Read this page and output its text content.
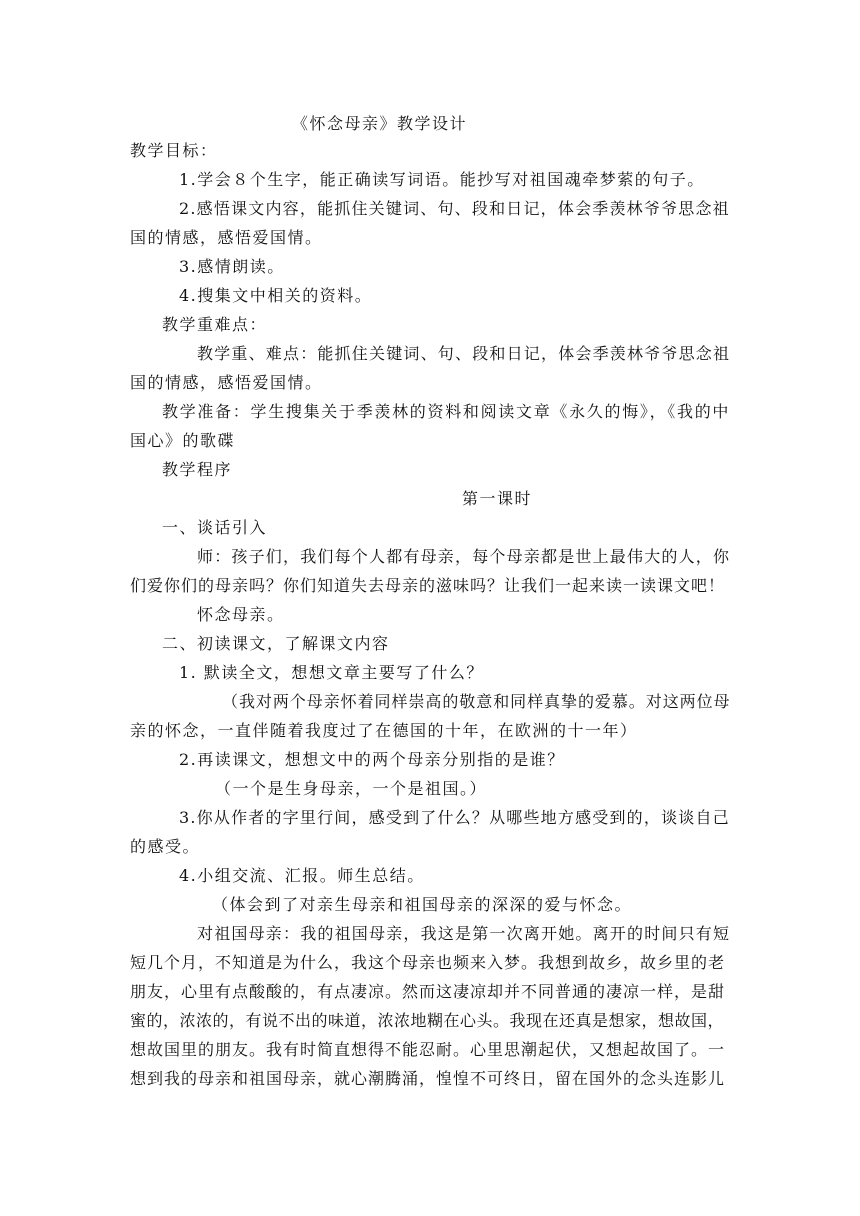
《怀念母亲》教学设计
教学目标：
1.学会８个生字，能正确读写词语。能抄写对祖国魂牵梦萦的句子。
2.感悟课文内容，能抓住关键词、句、段和日记，体会季羡林爷爷思念祖
国的情感，感悟爱国情。
3.感情朗读。
4.搜集文中相关的资料。
教学重难点：
教学重、难点：能抓住关键词、句、段和日记，体会季羡林爷爷思念祖
国的情感，感悟爱国情。
教学准备：学生搜集关于季羡林的资料和阅读文章《永久的悔》，《我的中
国心》的歌碟
教学程序
第一课时
一、谈话引入
师：孩子们，我们每个人都有母亲，每个母亲都是世上最伟大的人，你
们爱你们的母亲吗？你们知道失去母亲的滋味吗？让我们一起来读一读课文吧！
怀念母亲。
二、初读课文，了解课文内容
1. 默读全文，想想文章主要写了什么？
（我对两个母亲怀着同样崇高的敬意和同样真挚的爱慕。对这两位母
亲的怀念，一直伴随着我度过了在德国的十年，在欧洲的十一年）
2.再读课文，想想文中的两个母亲分别指的是谁？
（一个是生身母亲，一个是祖国。）
3.你从作者的字里行间，感受到了什么？从哪些地方感受到的，谈谈自己
的感受。
4.小组交流、汇报。师生总结。
（体会到了对亲生母亲和祖国母亲的深深的爱与怀念。
对祖国母亲：我的祖国母亲，我这是第一次离开她。离开的时间只有短
短几个月，不知道是为什么，我这个母亲也频来入梦。我想到故乡，故乡里的老
朋友，心里有点酸酸的，有点凄凉。然而这凄凉却并不同普通的凄凉一样，是甜
蜜的，浓浓的，有说不出的味道，浓浓地糊在心头。我现在还真是想家，想故国，
想故国里的朋友。我有时简直想得不能忍耐。心里思潮起伏，又想起故国了。一
想到我的母亲和祖国母亲，就心潮腾涌，惶惶不可终日，留在国外的念头连影儿
